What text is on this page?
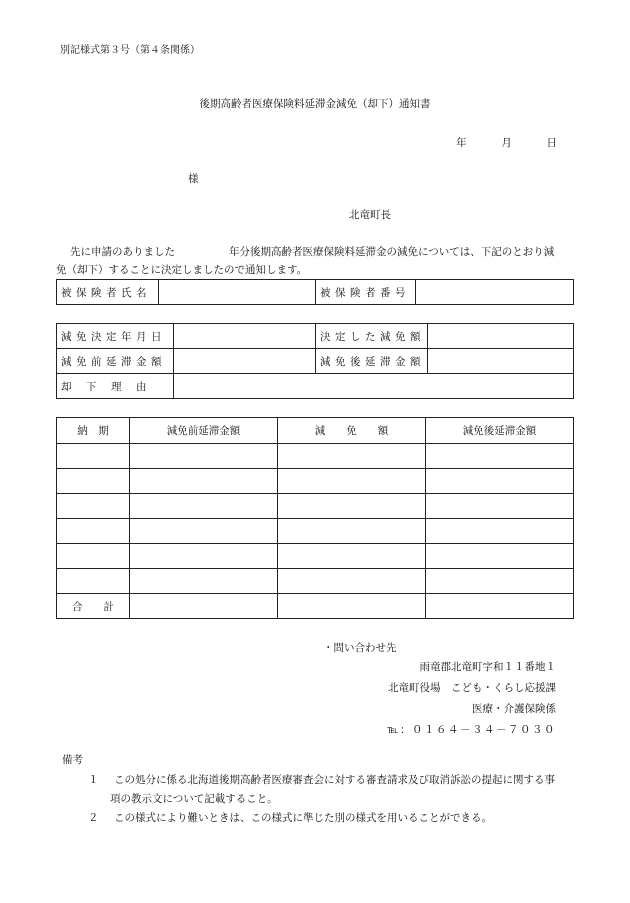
別記様式第３号（第４条関係）
後期高齢者医療保険料延滞金減免（却下）通知書
年	月	日
様
北竜町長
先に申請のありました	年分後期高齢者医療保険料延滞金の減免については、下記のとおり減
免（却下）することに決定しましたので通知します。
被保険者氏名		被保険者番号	
減免決定年月日		決定した減免額	
減免前延滞金額		減免後延滞金額	
却　下　理　由			
納　期	減免前延滞金額	減　　免　　額	減免後延滞金額

合　　計			
・問い合わせ先
雨竜郡北竜町字和１１番地１
北竜町役場　こども・くらし応援課
医療・介護保険係
℡：０１６４－３４－７０３０
備考
１ この処分に係る北海道後期高齢者医療審査会に対する審査請求及び取消訴訟の提起に関する事
項の教示文について記載すること。
２ この様式により難いときは、この様式に準じた別の様式を用いることができる。
